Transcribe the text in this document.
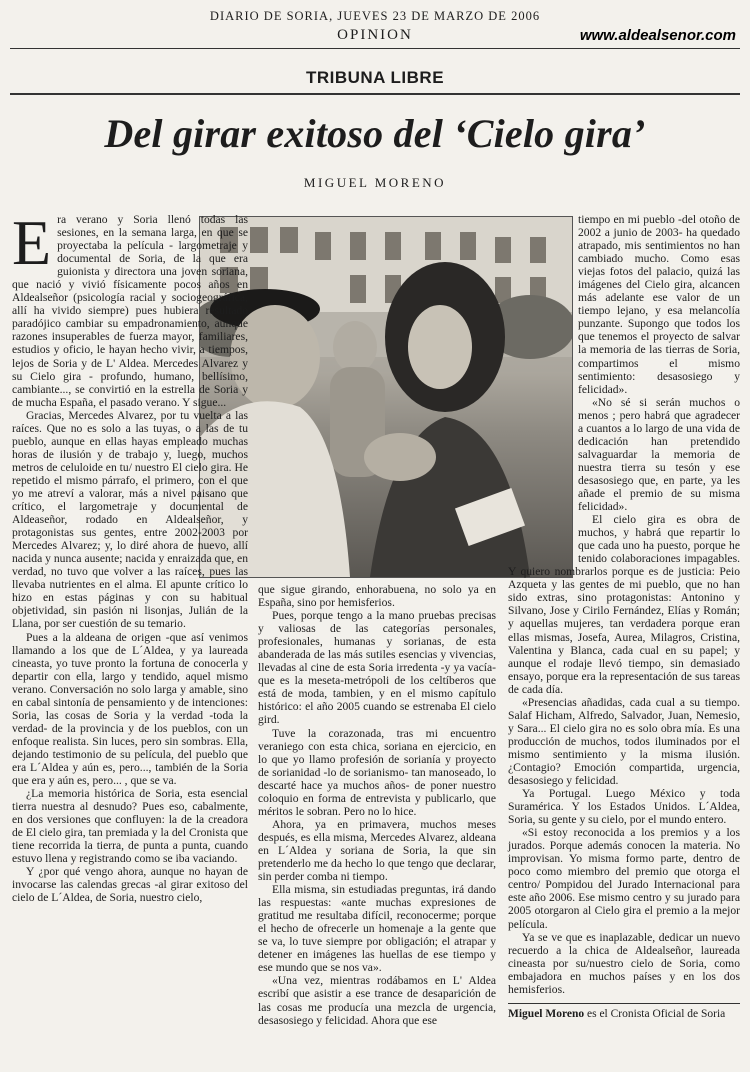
DIARIO DE SORIA, JUEVES 23 DE MARZO DE 2006
OPINION	www.aldealsenor.com
TRIBUNA LIBRE
Del girar exitoso del ‘Cielo gira’
MIGUEL MORENO
E ra verano y Soria llenó todas las sesiones, en la semana larga, en que se proyectaba la película - largometraje y documental de Soria, de la que era guionista y directora una joven soriana, que nació y vivió físicamente pocos años en Aldealseñor (psicología racial y sociogeográfica, allí ha vivido siempre) pues hubiera resultado paradójico cambiar su empadronamiento, aunque razones insuperables de fuerza mayor, familiares, estudios y oficio, le hayan hecho vivir, a tiempos, lejos de Soria y de L' Aldea. Mercedes Alvarez y su Cielo gira - profundo, humano, bellísimo, cambiante..., se convirtió en la estrella de Soria y de mucha España, el pasado verano. Y sigue...

Gracias, Mercedes Alvarez, por tu vuelta a las raíces. Que no es solo a las tuyas, o a las de tu pueblo, aunque en ellas hayas empleado muchas horas de ilusión y de trabajo y, luego, muchos metros de celuloide en tu/ nuestro El cielo gira. He repetido el mismo párrafo, el primero, con el que yo me atreví a valorar, más a nivel paisano que crítico, el largometraje y documental de Aldeaseñor, rodado en Aldealseñor, y protagonistas sus gentes, entre 2002-2003 por Mercedes Alvarez; y, lo diré ahora de nuevo, allí nacida y nunca ausente; nacida y enraizada que, en verdad, no tuvo que volver a las raíces, pues las llevaba nutrientes en el alma. El apunte crítico lo hizo en estas páginas y con su habitual objetividad, sin pasión ni lisonjas, Julián de la Llana, por ser cuestión de su temario.

Pues a la aldeana de origen -que así venimos llamando a los que de L´Aldea, y ya laureada cineasta, yo tuve pronto la fortuna de conocerla y departir con ella, largo y tendido, aquel mismo verano. Conversación no solo larga y amable, sino en cabal sintonía de pensamiento y de intenciones: Soria, las cosas de Soria y la verdad -toda la verdad- de la provincia y de los pueblos, con un enfoque realista. Sin luces, pero sin sombras. Ella, dejando testimonio de su película, del pueblo que era L´Aldea y aún es, pero..., también de la Soria que era y aún es, pero... , que se va.

¿La memoria histórica de Soria, esta esencial tierra nuestra al desnudo? Pues eso, cabalmente, en dos versiones que confluyen: la de la creadora de El cielo gira, tan premiada y la del Cronista que tiene recorrida la tierra, de punta a punta, cuando estuvo llena y registrando como se iba vaciando.

Y ¿por qué vengo ahora, aunque no hayan de invocarse las calendas grecas -al girar exitoso del cielo de L´Aldea, de Soria, nuestro cielo,

que sigue girando, enhorabuena, no solo ya en España, sino por hemisferios.

Pues, porque tengo a la mano pruebas precisas y valiosas de las categorías personales, profesionales, humanas y sorianas, de esta abanderada de las más sutiles esencias y vivencias, llevadas al cine de esta Soria irredenta -y ya vacía- que es la meseta-metrópoli de los celtíberos que está de moda, tambien, y en el mismo capítulo histórico: el año 2005 cuando se estrenaba El cielo gird.

Tuve la corazonada, tras mi encuentro veraniego con esta chica, soriana en ejercicio, en lo que yo llamo profesión de sorianía y proyecto de sorianidad -lo de sorianismo- tan manoseado, lo descarté hace ya muchos años- de poner nuestro coloquio en forma de entrevista y publicarlo, que méritos le sobran. Pero no lo hice.

Ahora, ya en primavera, muchos meses después, es ella misma, Mercedes Alvarez, aldeana en L´Aldea y soriana de Soria, la que sin pretenderlo me da hecho lo que tengo que declarar, sin perder comba ni tiempo.

Ella misma, sin estudiadas preguntas, irá dando las respuestas: «ante muchas expresiones de gratitud me resultaba difícil, reconocerme; porque el hecho de ofrecerle un homenaje a la gente que se va, lo tuve siempre por obligación; el atrapar y detener en imágenes las huellas de ese tiempo y ese mundo que se nos va».

«Una vez, mientras rodábamos en L' Aldea escribí que asistir a ese trance de desaparición de las cosas me producía una mezcla de urgencia, desasosiego y felicidad. Ahora que ese

tiempo en mi pueblo -del otoño de 2002 a junio de 2003- ha quedado atrapado, mis sentimientos no han cambiado mucho. Como esas viejas fotos del palacio, quizá las imágenes del Cielo gira, alcancen más adelante ese valor de un tiempo lejano, y esa melancolía punzante. Supongo que todos los que tenemos el proyecto de salvar la memoria de las tierras de Soria, compartimos el mismo sentimiento: desasosiego y felicidad».

«No sé si serán muchos o menos ; pero habrá que agradecer a cuantos a lo largo de una vida de dedicación han pretendido salvaguardar la memoria de nuestra tierra su tesón y ese desasosiego que, en parte, ya les añade el premio de su misma felicidad».

El cielo gira es obra de muchos, y habrá que repartir lo que cada uno ha puesto, porque he tenido colaboraciones impagables. Y quiero nombrarlos porque es de justicia: Peio Azqueta y las gentes de mi pueblo, que no han sido extras, sino protagonistas: Antonino y Silvano, Jose y Cirilo Fernández, Elías y Román; y aquellas mujeres, tan verdadera porque eran ellas mismas, Josefa, Aurea, Milagros, Cristina, Valentina y Blanca, cada cual en su papel; y aunque el rodaje llevó tiempo, sin demasiado ensayo, porque era la representación de sus tareas de cada día.

«Presencias añadidas, cada cual a su tiempo. Salaf Hicham, Alfredo, Salvador, Juan, Nemesio, y Sara... El cielo gira no es solo obra mía. Es una producción de muchos, todos iluminados por el mismo sentimiento y la misma ilusión. ¿Contagio? Emoción compartida, urgencia, desasosiego y felicidad.

Ya Portugal. Luego México y toda Suramérica. Y los Estados Unidos. L´Aldea, Soria, su gente y su cielo, por el mundo entero.

«Si estoy reconocida a los premios y a los jurados. Porque además conocen la materia. No improvisan. Yo misma formo parte, dentro de poco como miembro del premio que otorga el centro/ Pompidou del Jurado Internacional para este año 2006. Ese mismo centro y su jurado para 2005 otorgaron al Cielo gira el premio a la mejor película.

Ya se ve que es inaplazable, dedicar un nuevo recuerdo a la chica de Aldealseñor, laureada cineasta por su/nuestro cielo de Soria, como embajadora en muchos países y en los dos hemisferios.

Miguel Moreno es el Cronista Oficial de Soria
